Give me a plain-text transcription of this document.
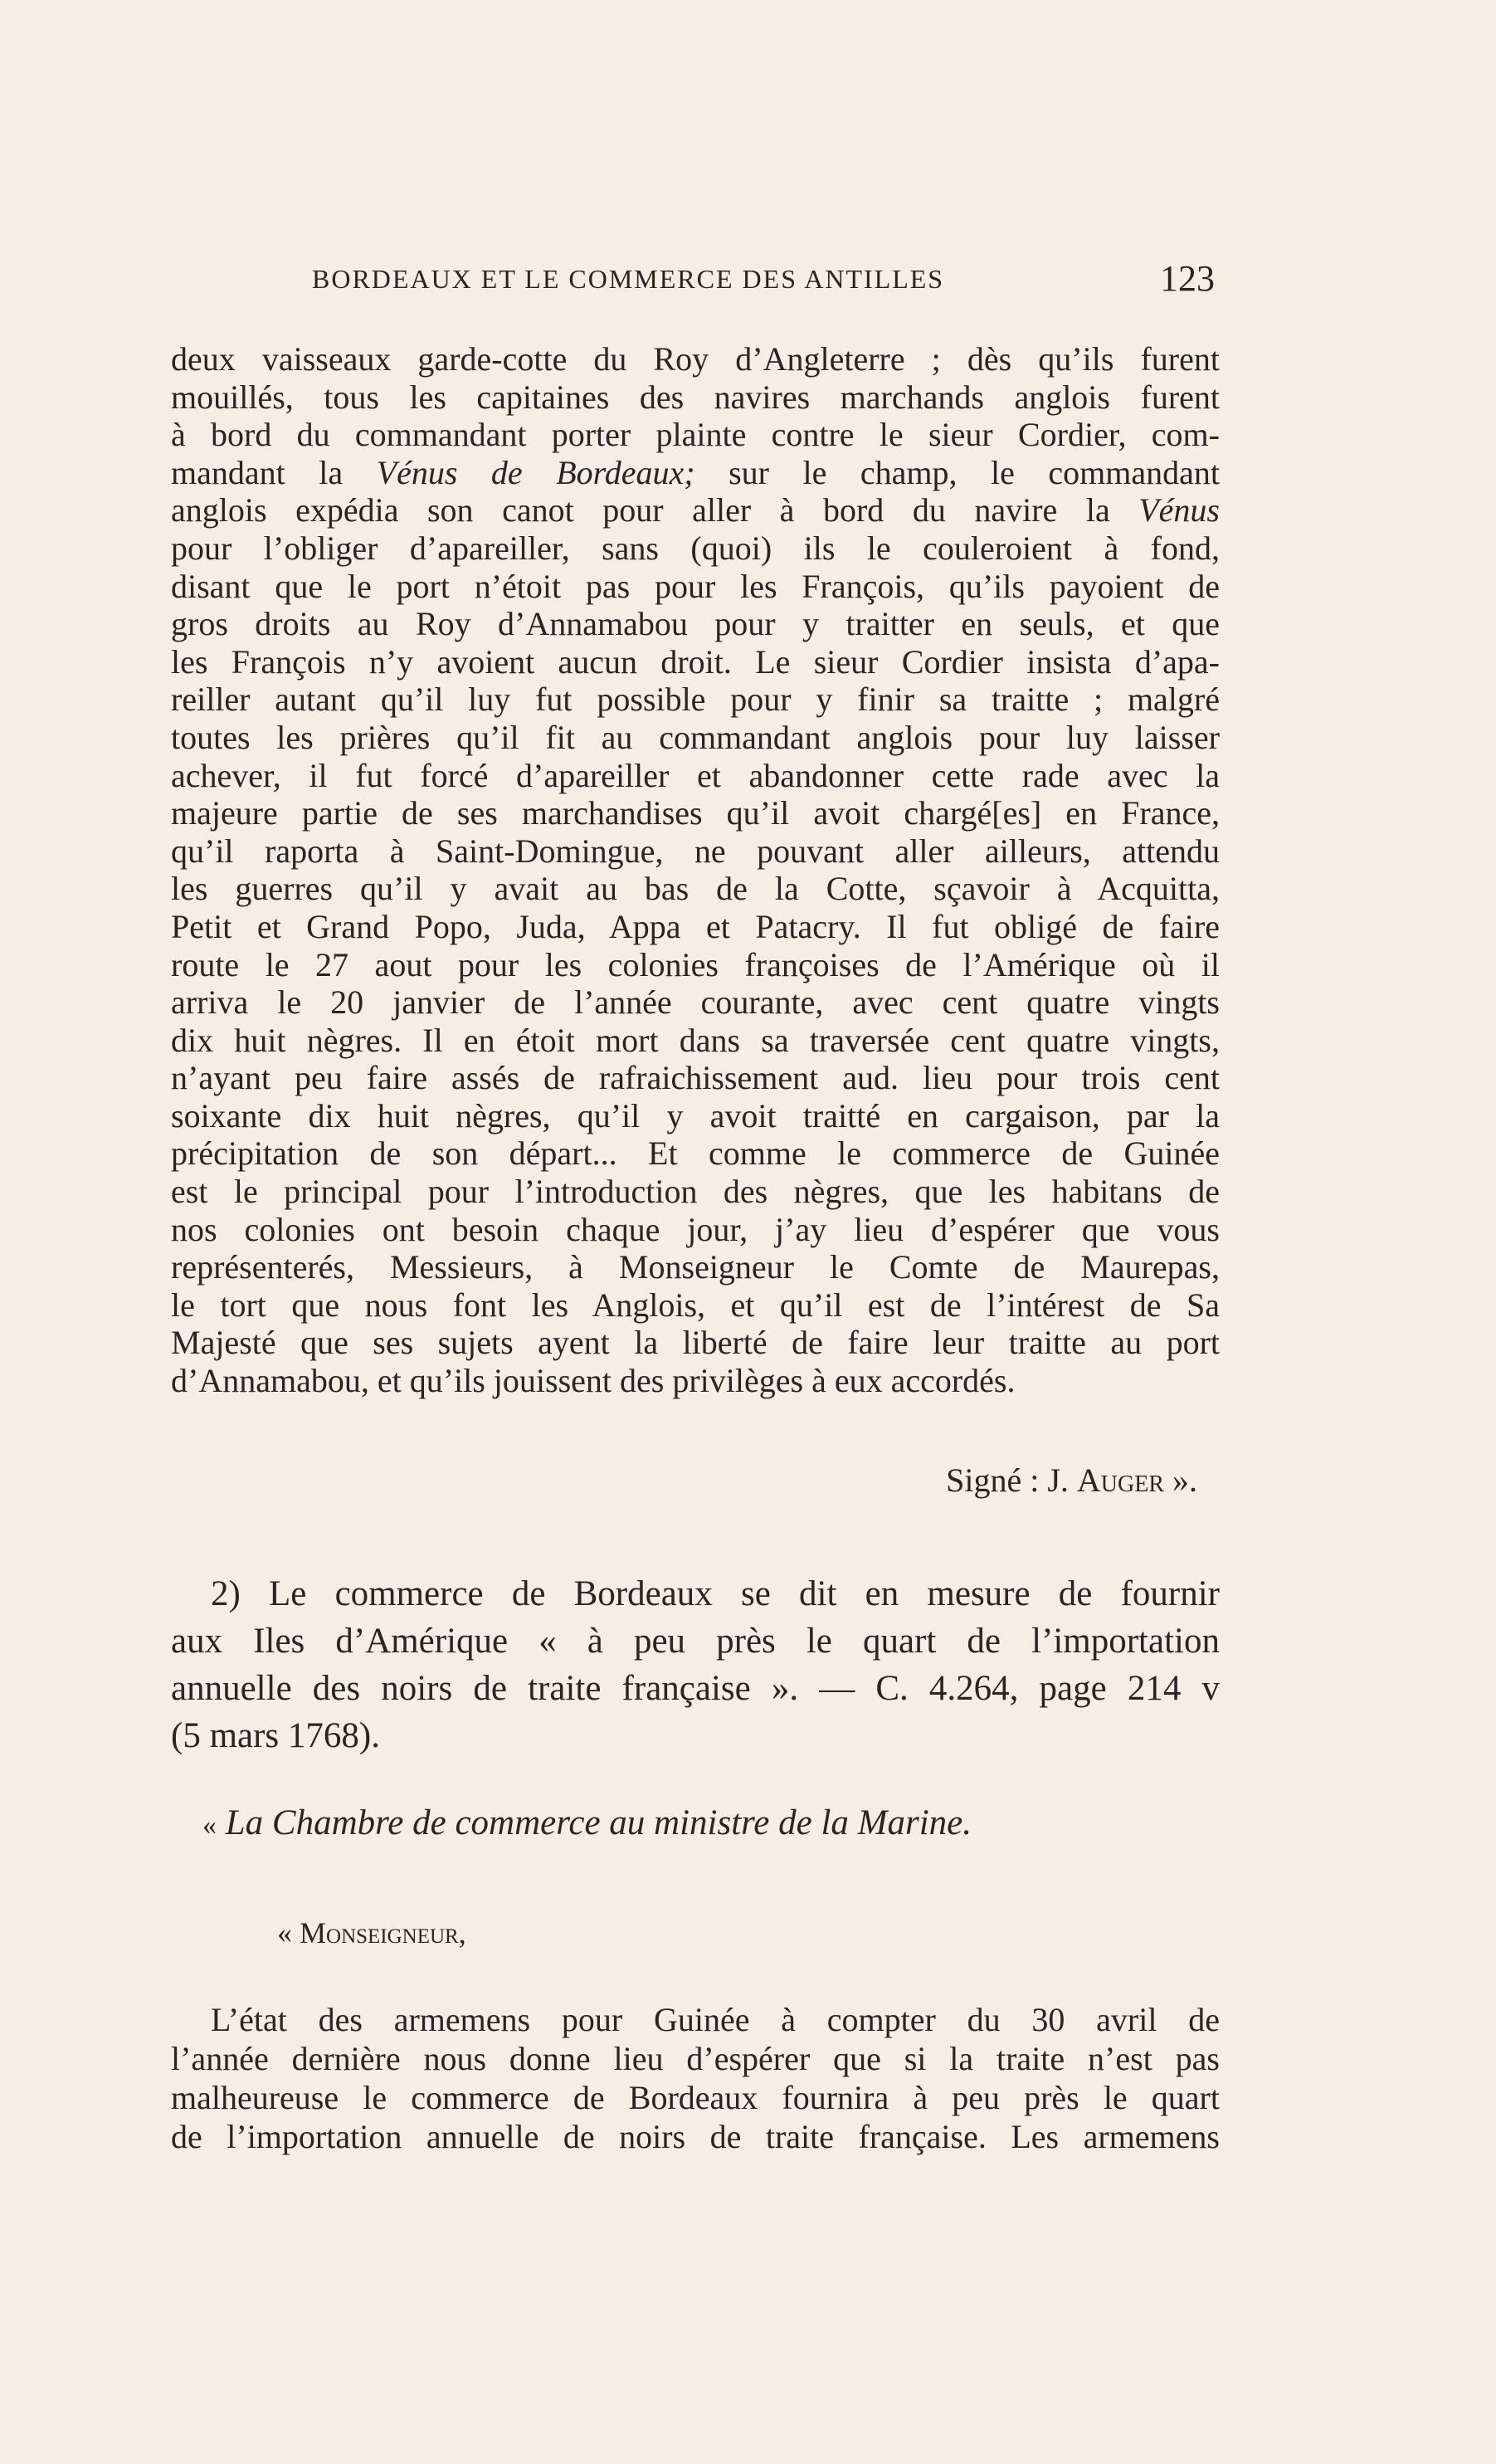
BORDEAUX ET LE COMMERCE DES ANTILLES	123
deux vaisseaux garde-cotte du Roy d’Angleterre ; dès qu’ils furent
mouillés, tous les capitaines des navires marchands anglois furent
à bord du commandant porter plainte contre le sieur Cordier, com-
mandant la Vénus de Bordeaux; sur le champ, le commandant
anglois expédia son canot pour aller à bord du navire la Vénus
pour l’obliger d’apareiller, sans (quoi) ils le couleroient à fond,
disant que le port n’étoit pas pour les François, qu’ils payoient de
gros droits au Roy d’Annamabou pour y traitter en seuls, et que
les François n’y avoient aucun droit. Le sieur Cordier insista d’apa-
reiller autant qu’il luy fut possible pour y finir sa traitte ; malgré
toutes les prières qu’il fit au commandant anglois pour luy laisser
achever, il fut forcé d’apareiller et abandonner cette rade avec la
majeure partie de ses marchandises qu’il avoit chargé[es] en France,
qu’il raporta à Saint-Domingue, ne pouvant aller ailleurs, attendu
les guerres qu’il y avait au bas de la Cotte, sçavoir à Acquitta,
Petit et Grand Popo, Juda, Appa et Patacry. Il fut obligé de faire
route le 27 aout pour les colonies françoises de l’Amérique où il
arriva le 20 janvier de l’année courante, avec cent quatre vingts
dix huit nègres. Il en étoit mort dans sa traversée cent quatre vingts,
n’ayant peu faire assés de rafraichissement aud. lieu pour trois cent
soixante dix huit nègres, qu’il y avoit traitté en cargaison, par la
précipitation de son départ... Et comme le commerce de Guinée
est le principal pour l’introduction des nègres, que les habitans de
nos colonies ont besoin chaque jour, j’ay lieu d’espérer que vous
représenterés, Messieurs, à Monseigneur le Comte de Maurepas,
le tort que nous font les Anglois, et qu’il est de l’intérest de Sa
Majesté que ses sujets ayent la liberté de faire leur traitte au port
d’Annamabou, et qu’ils jouissent des privilèges à eux accordés.
Signé : J. Auger ».
2) Le commerce de Bordeaux se dit en mesure de fournir
aux Iles d’Amérique « à peu près le quart de l’importation
annuelle des noirs de traite française ». — C. 4.264, page 214 v
(5 mars 1768).
« La Chambre de commerce au ministre de la Marine.
« Monseigneur,
L’état des armemens pour Guinée à compter du 30 avril de
l’année dernière nous donne lieu d’espérer que si la traite n’est pas
malheureuse le commerce de Bordeaux fournira à peu près le quart
de l’importation annuelle de noirs de traite française. Les armemens
